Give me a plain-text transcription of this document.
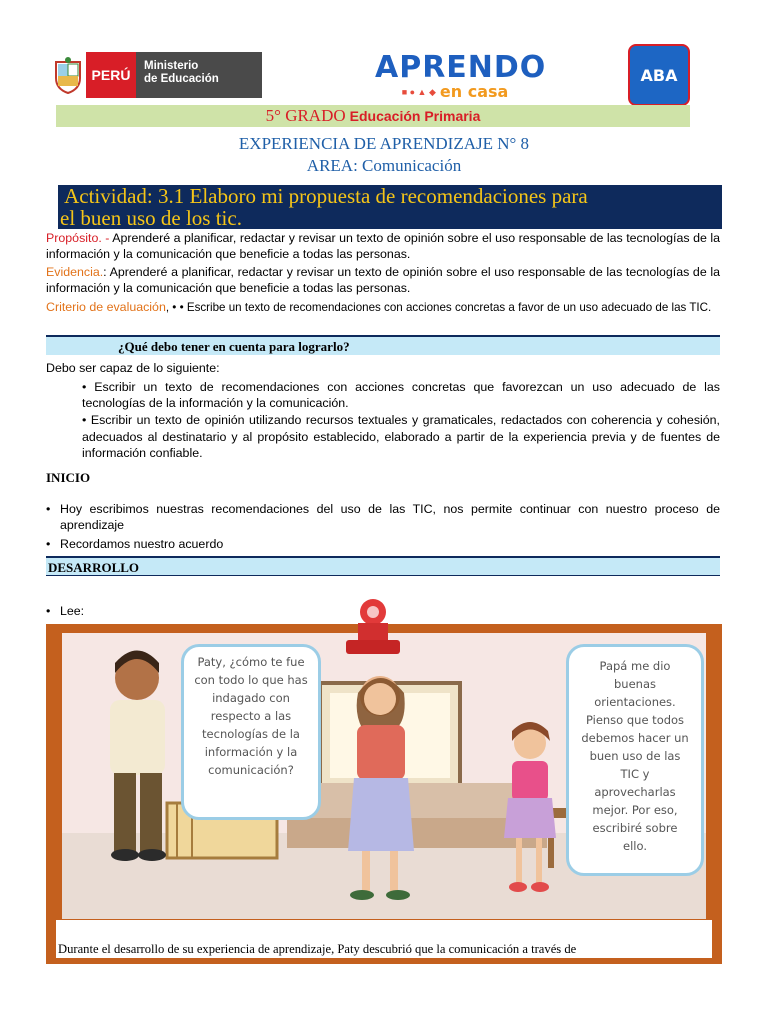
PERÚ
Ministerio
de Educación	APRENDO
■ ● ▲ ◆ en casa
ABA
5° GRADO Educación Primaria
EXPERIENCIA DE APRENDIZAJE N° 8
AREA: Comunicación
Actividad: 3.1 Elaboro mi propuesta de recomendaciones para
el buen uso de los tic.
Propósito. - Aprenderé a planificar, redactar y revisar un texto de opinión sobre el uso responsable de las tecnologías de la información y la comunicación que beneficie a todas las personas.
Evidencia.: Aprenderé a planificar, redactar y revisar un texto de opinión sobre el uso responsable de las tecnologías de la información y la comunicación que beneficie a todas las personas.
Criterio de evaluación, • • Escribe un texto de recomendaciones con acciones concretas a favor de un uso adecuado de las TIC.
¿Qué debo tener en cuenta para lograrlo?
Debo ser capaz de lo siguiente:
• Escribir un texto de recomendaciones con acciones concretas que favorezcan un uso adecuado de las tecnologías de la información y la comunicación.
• Escribir un texto de opinión utilizando recursos textuales y gramaticales, redactados con coherencia y cohesión, adecuados al destinatario y al propósito establecido, elaborado a partir de la experiencia previa y de fuentes de información confiable.
INICIO
• Hoy escribimos nuestras recomendaciones del uso de las TIC, nos permite continuar con nuestro proceso de aprendizaje
• Recordamos nuestro acuerdo
DESARROLLO
• Lee:
Paty, ¿cómo te fue con todo lo que has indagado con respecto a las tecnologías de la información y la comunicación?
Papá me dio buenas orientaciones. Pienso que todos debemos hacer un buen uso de las TIC y aprovecharlas mejor. Por eso, escribiré sobre ello.
Durante el desarrollo de su experiencia de aprendizaje, Paty descubrió que la comunicación a través de
